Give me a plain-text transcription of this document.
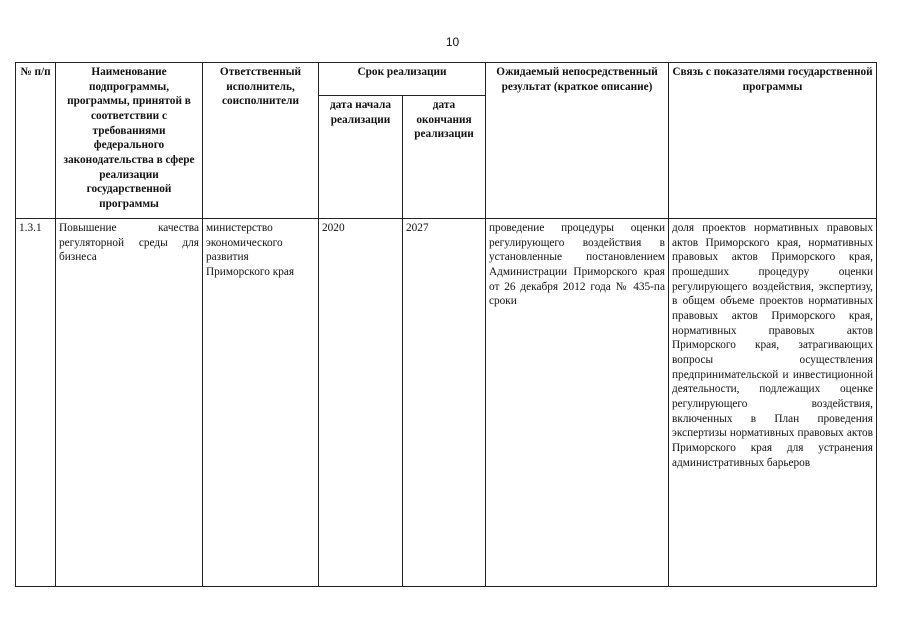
10
№ п/п	Наименование подпрограммы, программы, принятой в соответствии с требованиями федерального законодательства в сфере реализации государственной программы	Ответственный исполнитель, соисполнители	Срок реализации		Ожидаемый непосредственный результат (краткое описание)	Связь с показателями государственной программы
			дата начала реализации	дата окончания реализации		
1.3.1	Повышение качества регуляторной среды для бизнеса	министерство экономического развития Приморского края	2020	2027	проведение процедуры оценки регулирующего воздействия в установленные постановлением Администрации Приморского края от 26 декабря 2012 года № 435-па сроки	доля проектов нормативных правовых актов Приморского края, нормативных правовых актов Приморского края, прошедших процедуру оценки регулирующего воздействия, экспертизу, в общем объеме проектов нормативных правовых актов Приморского края, нормативных правовых актов Приморского края, затрагивающих вопросы осуществления предпринимательской и инвестиционной деятельности, подлежащих оценке регулирующего воздействия, включенных в План проведения экспертизы нормативных правовых актов Приморского края для устранения административных барьеров
